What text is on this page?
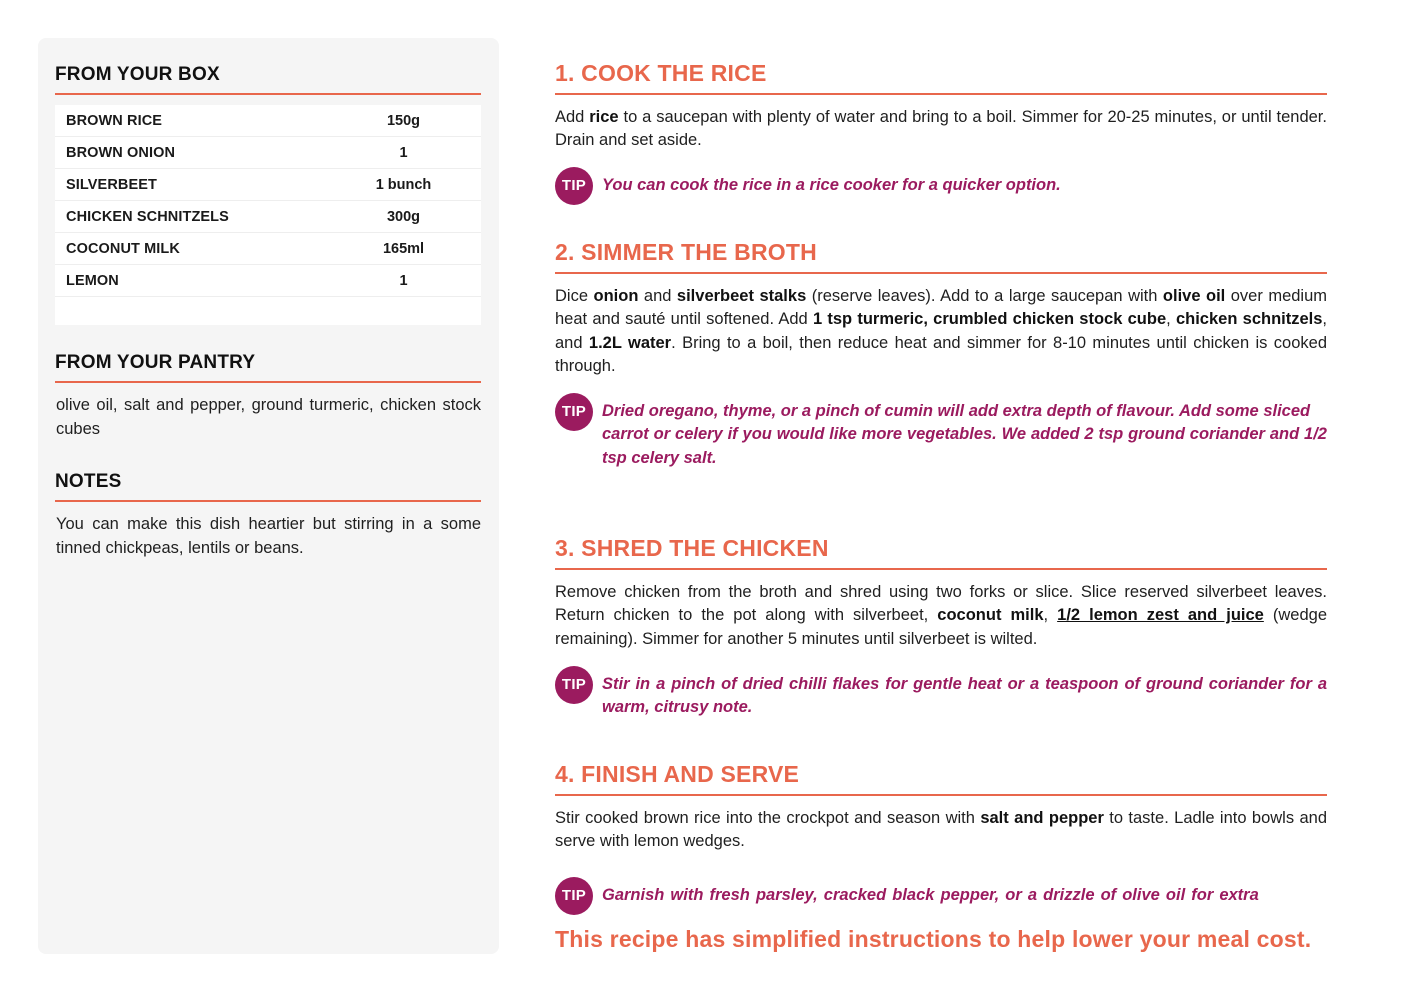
FROM YOUR BOX
BROWN RICE	150g
BROWN ONION	1
SILVERBEET	1 bunch
CHICKEN SCHNITZELS	300g
COCONUT MILK	165ml
LEMON	1
FROM YOUR PANTRY
olive oil, salt and pepper, ground turmeric, chicken stock cubes
NOTES
You can make this dish heartier but stirring in a some tinned chickpeas, lentils or beans.
1. COOK THE RICE
Add rice to a saucepan with plenty of water and bring to a boil. Simmer for 20-25 minutes, or until tender. Drain and set aside.
TIP You can cook the rice in a rice cooker for a quicker option.
2. SIMMER THE BROTH
Dice onion and silverbeet stalks (reserve leaves). Add to a large saucepan with olive oil over medium heat and sauté until softened. Add 1 tsp turmeric, crumbled chicken stock cube, chicken schnitzels, and 1.2L water. Bring to a boil, then reduce heat and simmer for 8-10 minutes until chicken is cooked through.
TIP Dried oregano, thyme, or a pinch of cumin will add extra depth of flavour. Add some sliced
carrot or celery if you would like more vegetables. We added 2 tsp ground coriander and 1/2 tsp celery salt.
3. SHRED THE CHICKEN
Remove chicken from the broth and shred using two forks or slice. Slice reserved silverbeet leaves. Return chicken to the pot along with silverbeet, coconut milk, 1/2 lemon zest and juice (wedge remaining). Simmer for another 5 minutes until silverbeet is wilted.
TIP Stir in a pinch of dried chilli flakes for gentle heat or a teaspoon of ground coriander for a warm, citrusy note.
4. FINISH AND SERVE
Stir cooked brown rice into the crockpot and season with salt and pepper to taste. Ladle into bowls and serve with lemon wedges.
TIP Garnish with fresh parsley, cracked black pepper, or a drizzle of olive oil for extra
This recipe has simplified instructions to help lower your meal cost.
